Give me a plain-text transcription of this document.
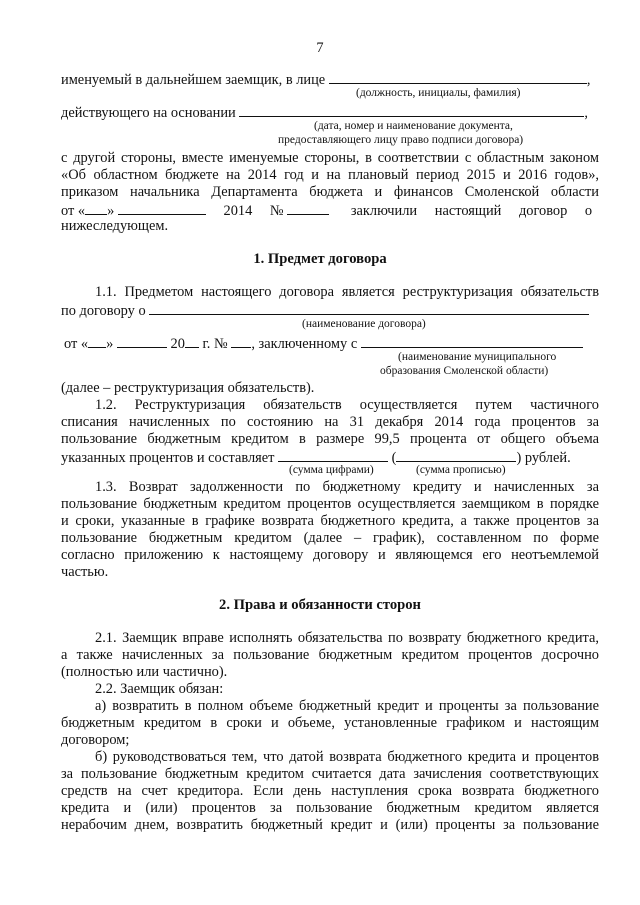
7
именуемый в дальнейшем заемщик, в лице	,
(должность, инициалы, фамилия)
действующего на основании	,
(дата, номер и наименование документа,
предоставляющего лицу право подписи договора)
с другой стороны, вместе именуемые стороны, в соответствии с областным законом
«Об областном бюджете на 2014 год и на плановый период 2015 и 2016 годов»,
приказом начальника Департамента бюджета и финансов Смоленской области
от « »	2014 №	заключили настоящий договор о
нижеследующем.
1. Предмет договора
1.1. Предметом настоящего договора является реструктуризация обязательств
по договору о
(наименование договора)
от « »	20 г. № , заключенному с
(наименование муниципального
образования Смоленской области)
(далее – реструктуризация обязательств).
1.2. Реструктуризация обязательств осуществляется путем частичного
списания начисленных по состоянию на 31 декабря 2014 года процентов за
пользование бюджетным кредитом в размере 99,5 процента от общего объема
указанных процентов и составляет	(	) рублей.
(сумма цифрами)	(сумма прописью)
1.3. Возврат задолженности по бюджетному кредиту и начисленных за
пользование бюджетным кредитом процентов осуществляется заемщиком в порядке
и сроки, указанные в графике возврата бюджетного кредита, а также процентов за
пользование бюджетным кредитом (далее – график), составленном по форме
согласно приложению к настоящему договору и являющемся его неотъемлемой
частью.
2. Права и обязанности сторон
2.1. Заемщик вправе исполнять обязательства по возврату бюджетного кредита,
а также начисленных за пользование бюджетным кредитом процентов досрочно
(полностью или частично).
2.2. Заемщик обязан:
а) возвратить в полном объеме бюджетный кредит и проценты за пользование
бюджетным кредитом в сроки и объеме, установленные графиком и настоящим
договором;
б) руководствоваться тем, что датой возврата бюджетного кредита и процентов
за пользование бюджетным кредитом считается дата зачисления соответствующих
средств на счет кредитора. Если день наступления срока возврата бюджетного
кредита и (или) процентов за пользование бюджетным кредитом является
нерабочим днем, возвратить бюджетный кредит и (или) проценты за пользование
